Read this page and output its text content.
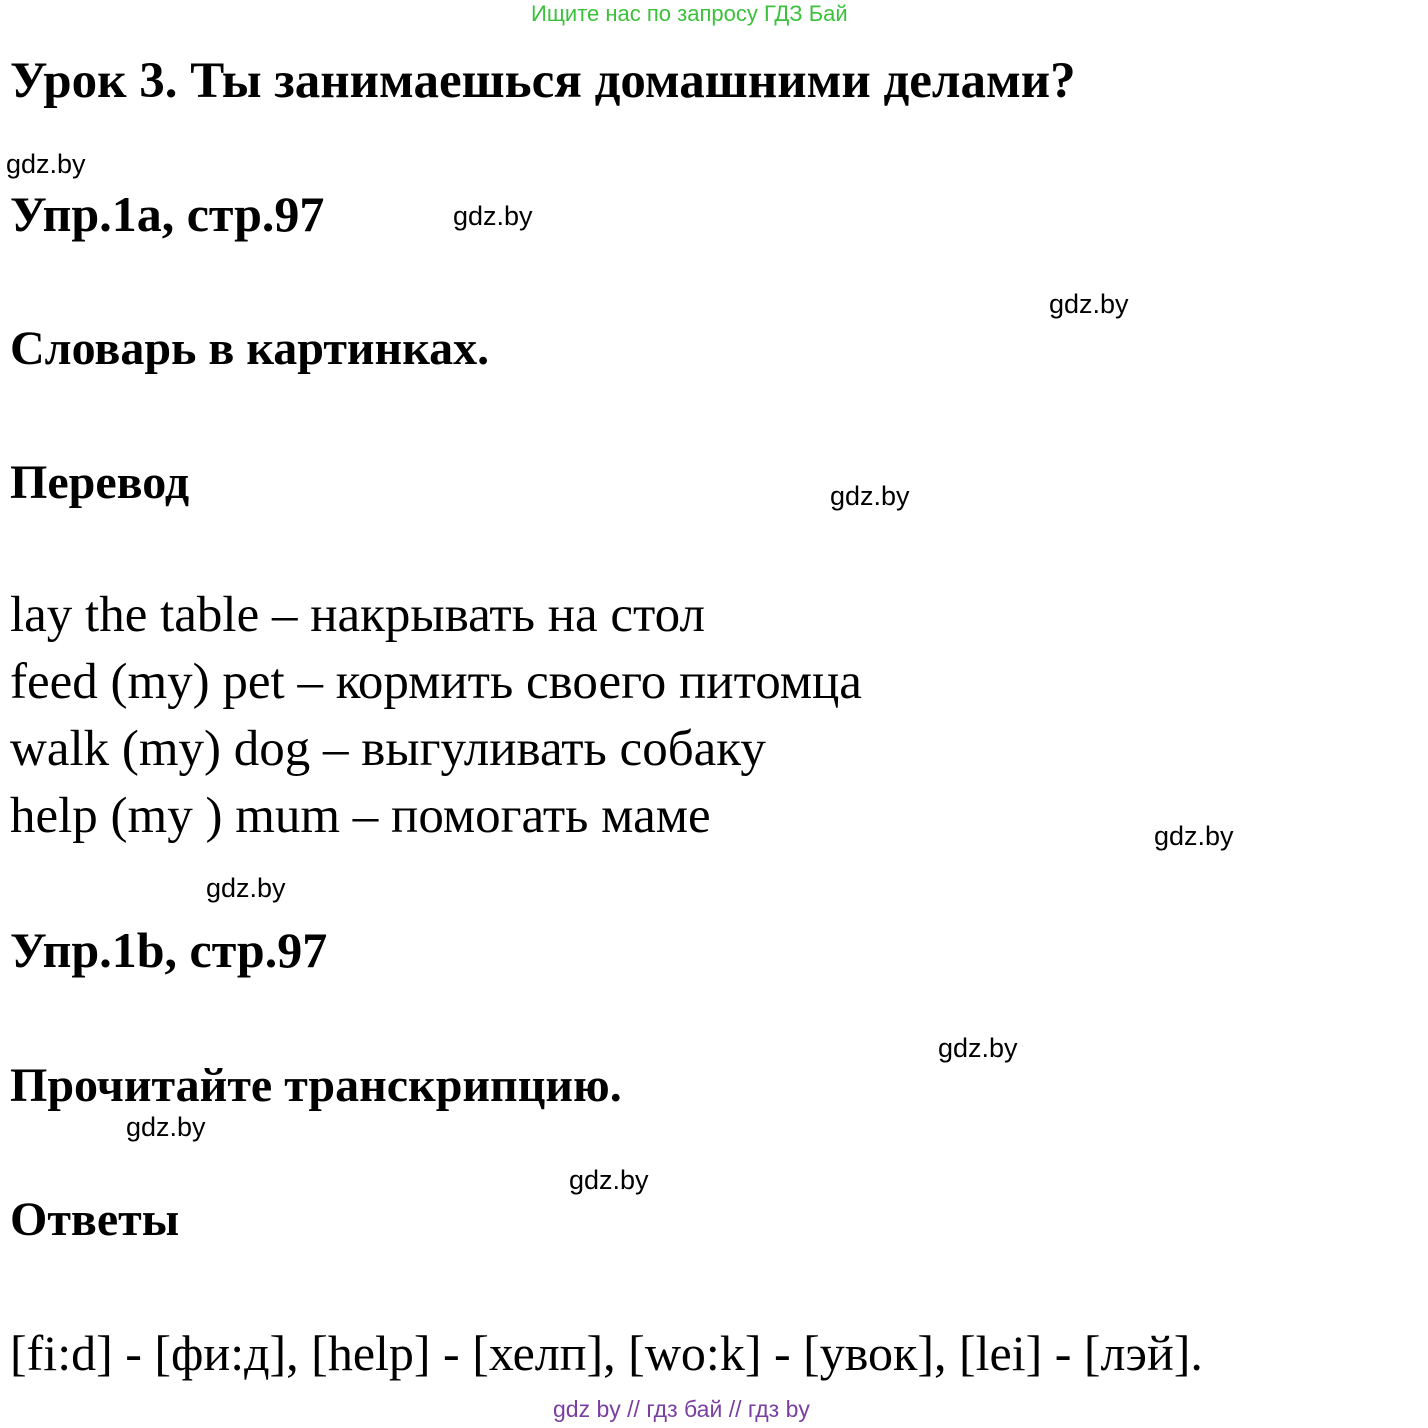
Ищите нас по запросу ГДЗ Бай
Урок 3. Ты занимаешься домашними делами?
gdz.by
Упр.1а, стр.97	gdz.by
gdz.by
Словарь в картинках.
Перевод	gdz.by
lay the table – накрывать на стол
feed (my) pet – кормить своего питомца
walk (my) dog – выгуливать собаку
help (my ) mum – помогать маме	gdz.by
gdz.by
Упр.1b, стр.97
gdz.by
Прочитайте транскрипцию.
gdz.by
gdz.by
Ответы
[fi:d] - [фи:д], [help] - [хелп], [wo:k] - [увок], [lei] - [лэй].
gdz by // гдз бай // гдз by
